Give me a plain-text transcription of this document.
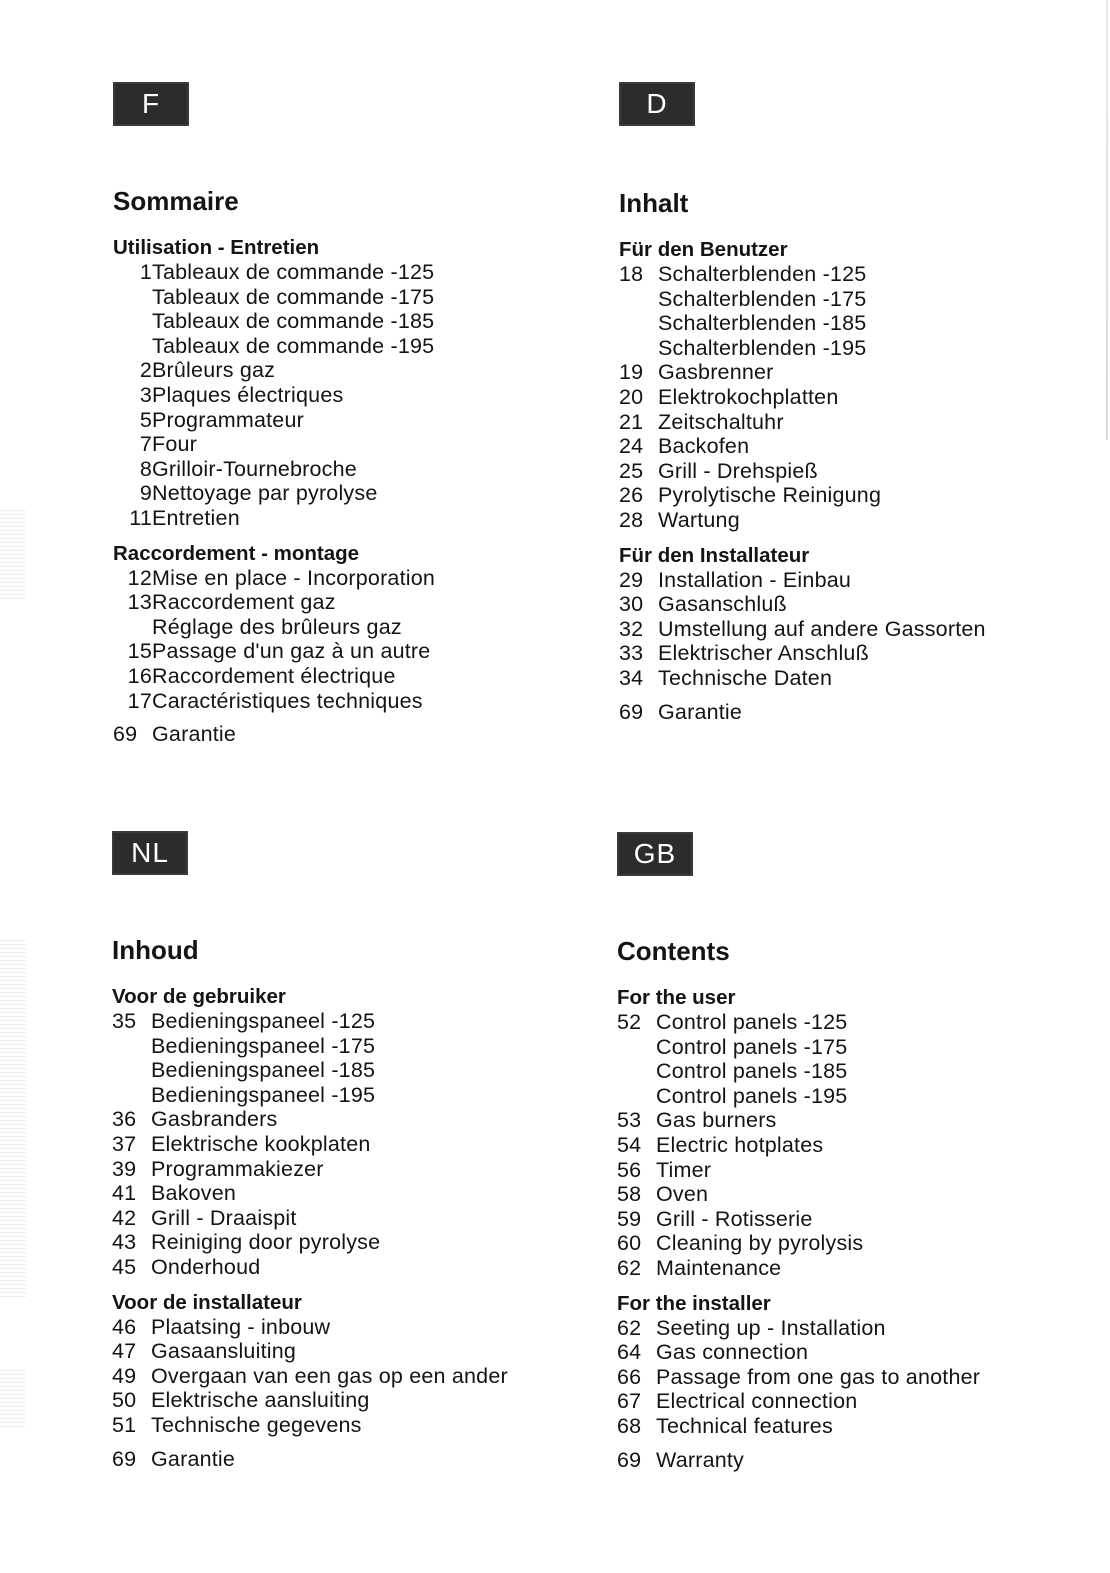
F
Sommaire

Utilisation - Entretien

1 Tableaux de commande -125
Tableaux de commande -175
Tableaux de commande -185
Tableaux de commande -195
2 Brûleurs gaz
3 Plaques électriques
5 Programmateur
7 Four
8 Grilloir-Tournebroche
9 Nettoyage par pyrolyse
11 Entretien

Raccordement - montage

12 Mise en place - Incorporation
13 Raccordement gaz
Réglage des brûleurs gaz
15 Passage d'un gaz à un autre
16 Raccordement électrique
17 Caractéristiques techniques
69 Garantie
D
Inhalt

Für den Benutzer

18 Schalterblenden -125
Schalterblenden -175
Schalterblenden -185
Schalterblenden -195
19 Gasbrenner
20 Elektrokochplatten
21 Zeitschaltuhr
24 Backofen
25 Grill - Drehspieß
26 Pyrolytische Reinigung
28 Wartung

Für den Installateur

29 Installation - Einbau
30 Gasanschluß
32 Umstellung auf andere Gassorten
33 Elektrischer Anschluß
34 Technische Daten
69 Garantie
NL
Inhoud

Voor de gebruiker

35 Bedieningspaneel -125
Bedieningspaneel -175
Bedieningspaneel -185
Bedieningspaneel -195
36 Gasbranders
37 Elektrische kookplaten
39 Programmakiezer
41 Bakoven
42 Grill - Draaispit
43 Reiniging door pyrolyse
45 Onderhoud

Voor de installateur

46 Plaatsing - inbouw
47 Gasaansluiting
49 Overgaan van een gas op een ander
50 Elektrische aansluiting
51 Technische gegevens
69 Garantie
GB
Contents

For the user

52 Control panels -125
Control panels -175
Control panels -185
Control panels -195
53 Gas burners
54 Electric hotplates
56 Timer
58 Oven
59 Grill - Rotisserie
60 Cleaning by pyrolysis
62 Maintenance

For the installer

62 Seeting up - Installation
64 Gas connection
66 Passage from one gas to another
67 Electrical connection
68 Technical features
69 Warranty
